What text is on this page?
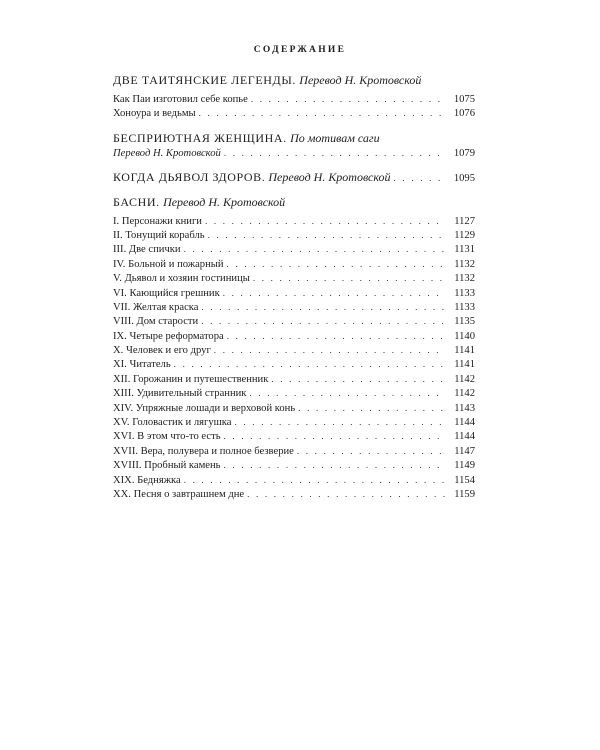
СОДЕРЖАНИЕ
ДВЕ ТАИТЯНСКИЕ ЛЕГЕНДЫ. Перевод Н. Кротовской
Как Паи изготовил себе копье . . .	1075
Хоноура и ведьмы . . .	1076
БЕСПРИЮТНАЯ ЖЕНЩИНА. По мотивам саги
Перевод Н. Кротовской . . .	1079
КОГДА ДЬЯВОЛ ЗДОРОВ. Перевод Н. Кротовской . . .	1095
БАСНИ. Перевод Н. Кротовской
I. Персонажи книги . . .	1127
II. Тонущий корабль . . .	1129
III. Две спички . . .	1131
IV. Больной и пожарный . . .	1132
V. Дьявол и хозяин гостиницы . . .	1132
VI. Кающийся грешник . . .	1133
VII. Желтая краска . . .	1133
VIII. Дом старости . . .	1135
IX. Четыре реформатора . . .	1140
X. Человек и его друг . . .	1141
XI. Читатель . . .	1141
XII. Горожанин и путешественник . . .	1142
XIII. Удивительный странник . . .	1142
XIV. Упряжные лошади и верховой конь . . .	1143
XV. Головастик и лягушка . . .	1144
XVI. В этом что-то есть . . .	1144
XVII. Вера, полувера и полное безверие . . .	1147
XVIII. Пробный камень . . .	1149
XIX. Бедняжка . . .	1154
XX. Песня о завтрашнем дне . . .	1159
